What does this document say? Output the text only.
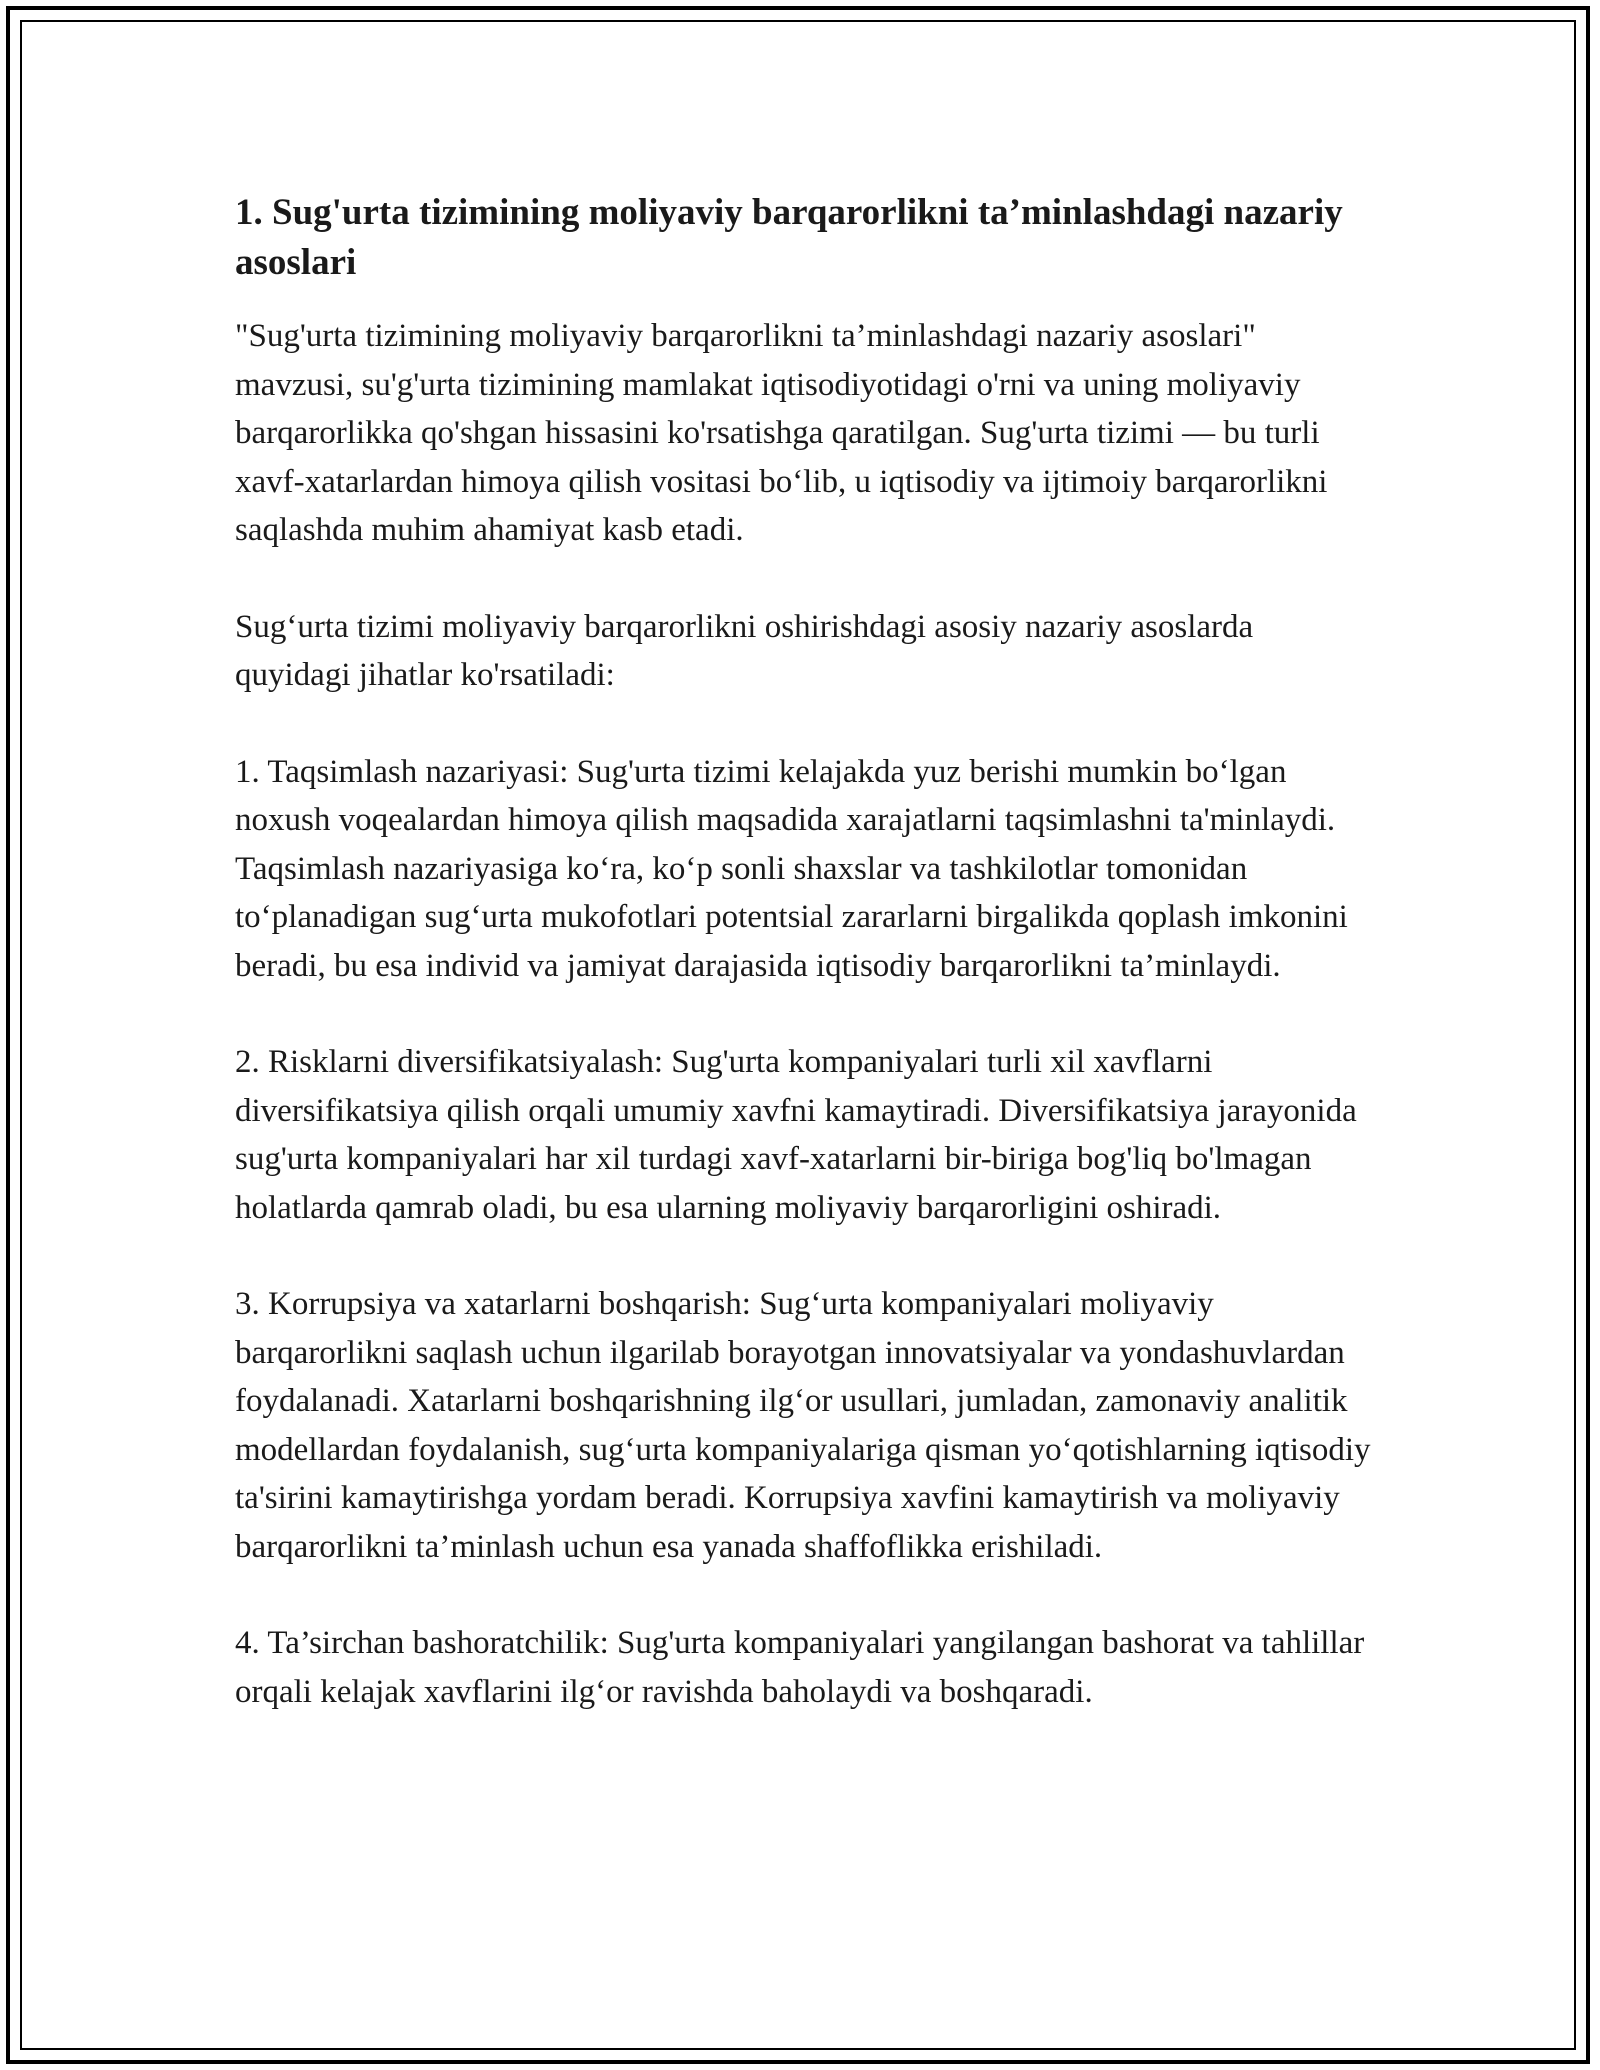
1. Sug'urta tizimining moliyaviy barqarorlikni ta’minlashdagi nazariy asoslari

"Sug'urta tizimining moliyaviy barqarorlikni ta’minlashdagi nazariy asoslari" mavzusi, su'g'urta tizimining mamlakat iqtisodiyotidagi o'rni va uning moliyaviy barqarorlikka qo'shgan hissasini ko'rsatishga qaratilgan. Sug'urta tizimi — bu turli xavf-xatarlardan himoya qilish vositasi bo‘lib, u iqtisodiy va ijtimoiy barqarorlikni saqlashda muhim ahamiyat kasb etadi.

Sug‘urta tizimi moliyaviy barqarorlikni oshirishdagi asosiy nazariy asoslarda quyidagi jihatlar ko'rsatiladi:

1. Taqsimlash nazariyasi: Sug'urta tizimi kelajakda yuz berishi mumkin bo‘lgan noxush voqealardan himoya qilish maqsadida xarajatlarni taqsimlashni ta'minlaydi. Taqsimlash nazariyasiga ko‘ra, ko‘p sonli shaxslar va tashkilotlar tomonidan to‘planadigan sug‘urta mukofotlari potentsial zararlarni birgalikda qoplash imkonini beradi, bu esa individ va jamiyat darajasida iqtisodiy barqarorlikni ta’minlaydi.

2. Risklarni diversifikatsiyalash: Sug'urta kompaniyalari turli xil xavflarni diversifikatsiya qilish orqali umumiy xavfni kamaytiradi. Diversifikatsiya jarayonida sug'urta kompaniyalari har xil turdagi xavf-xatarlarni bir-biriga bog'liq bo'lmagan holatlarda qamrab oladi, bu esa ularning moliyaviy barqarorligini oshiradi.

3. Korrupsiya va xatarlarni boshqarish: Sug‘urta kompaniyalari moliyaviy barqarorlikni saqlash uchun ilgarilab borayotgan innovatsiyalar va yondashuvlardan foydalanadi. Xatarlarni boshqarishning ilg‘or usullari, jumladan, zamonaviy analitik modellardan foydalanish, sug‘urta kompaniyalariga qisman yo‘qotishlarning iqtisodiy ta'sirini kamaytirishga yordam beradi. Korrupsiya xavfini kamaytirish va moliyaviy barqarorlikni ta’minlash uchun esa yanada shaffoflikka erishiladi.

4. Ta’sirchan bashoratchilik: Sug'urta kompaniyalari yangilangan bashorat va tahlillar orqali kelajak xavflarini ilg‘or ravishda baholaydi va boshqaradi.
